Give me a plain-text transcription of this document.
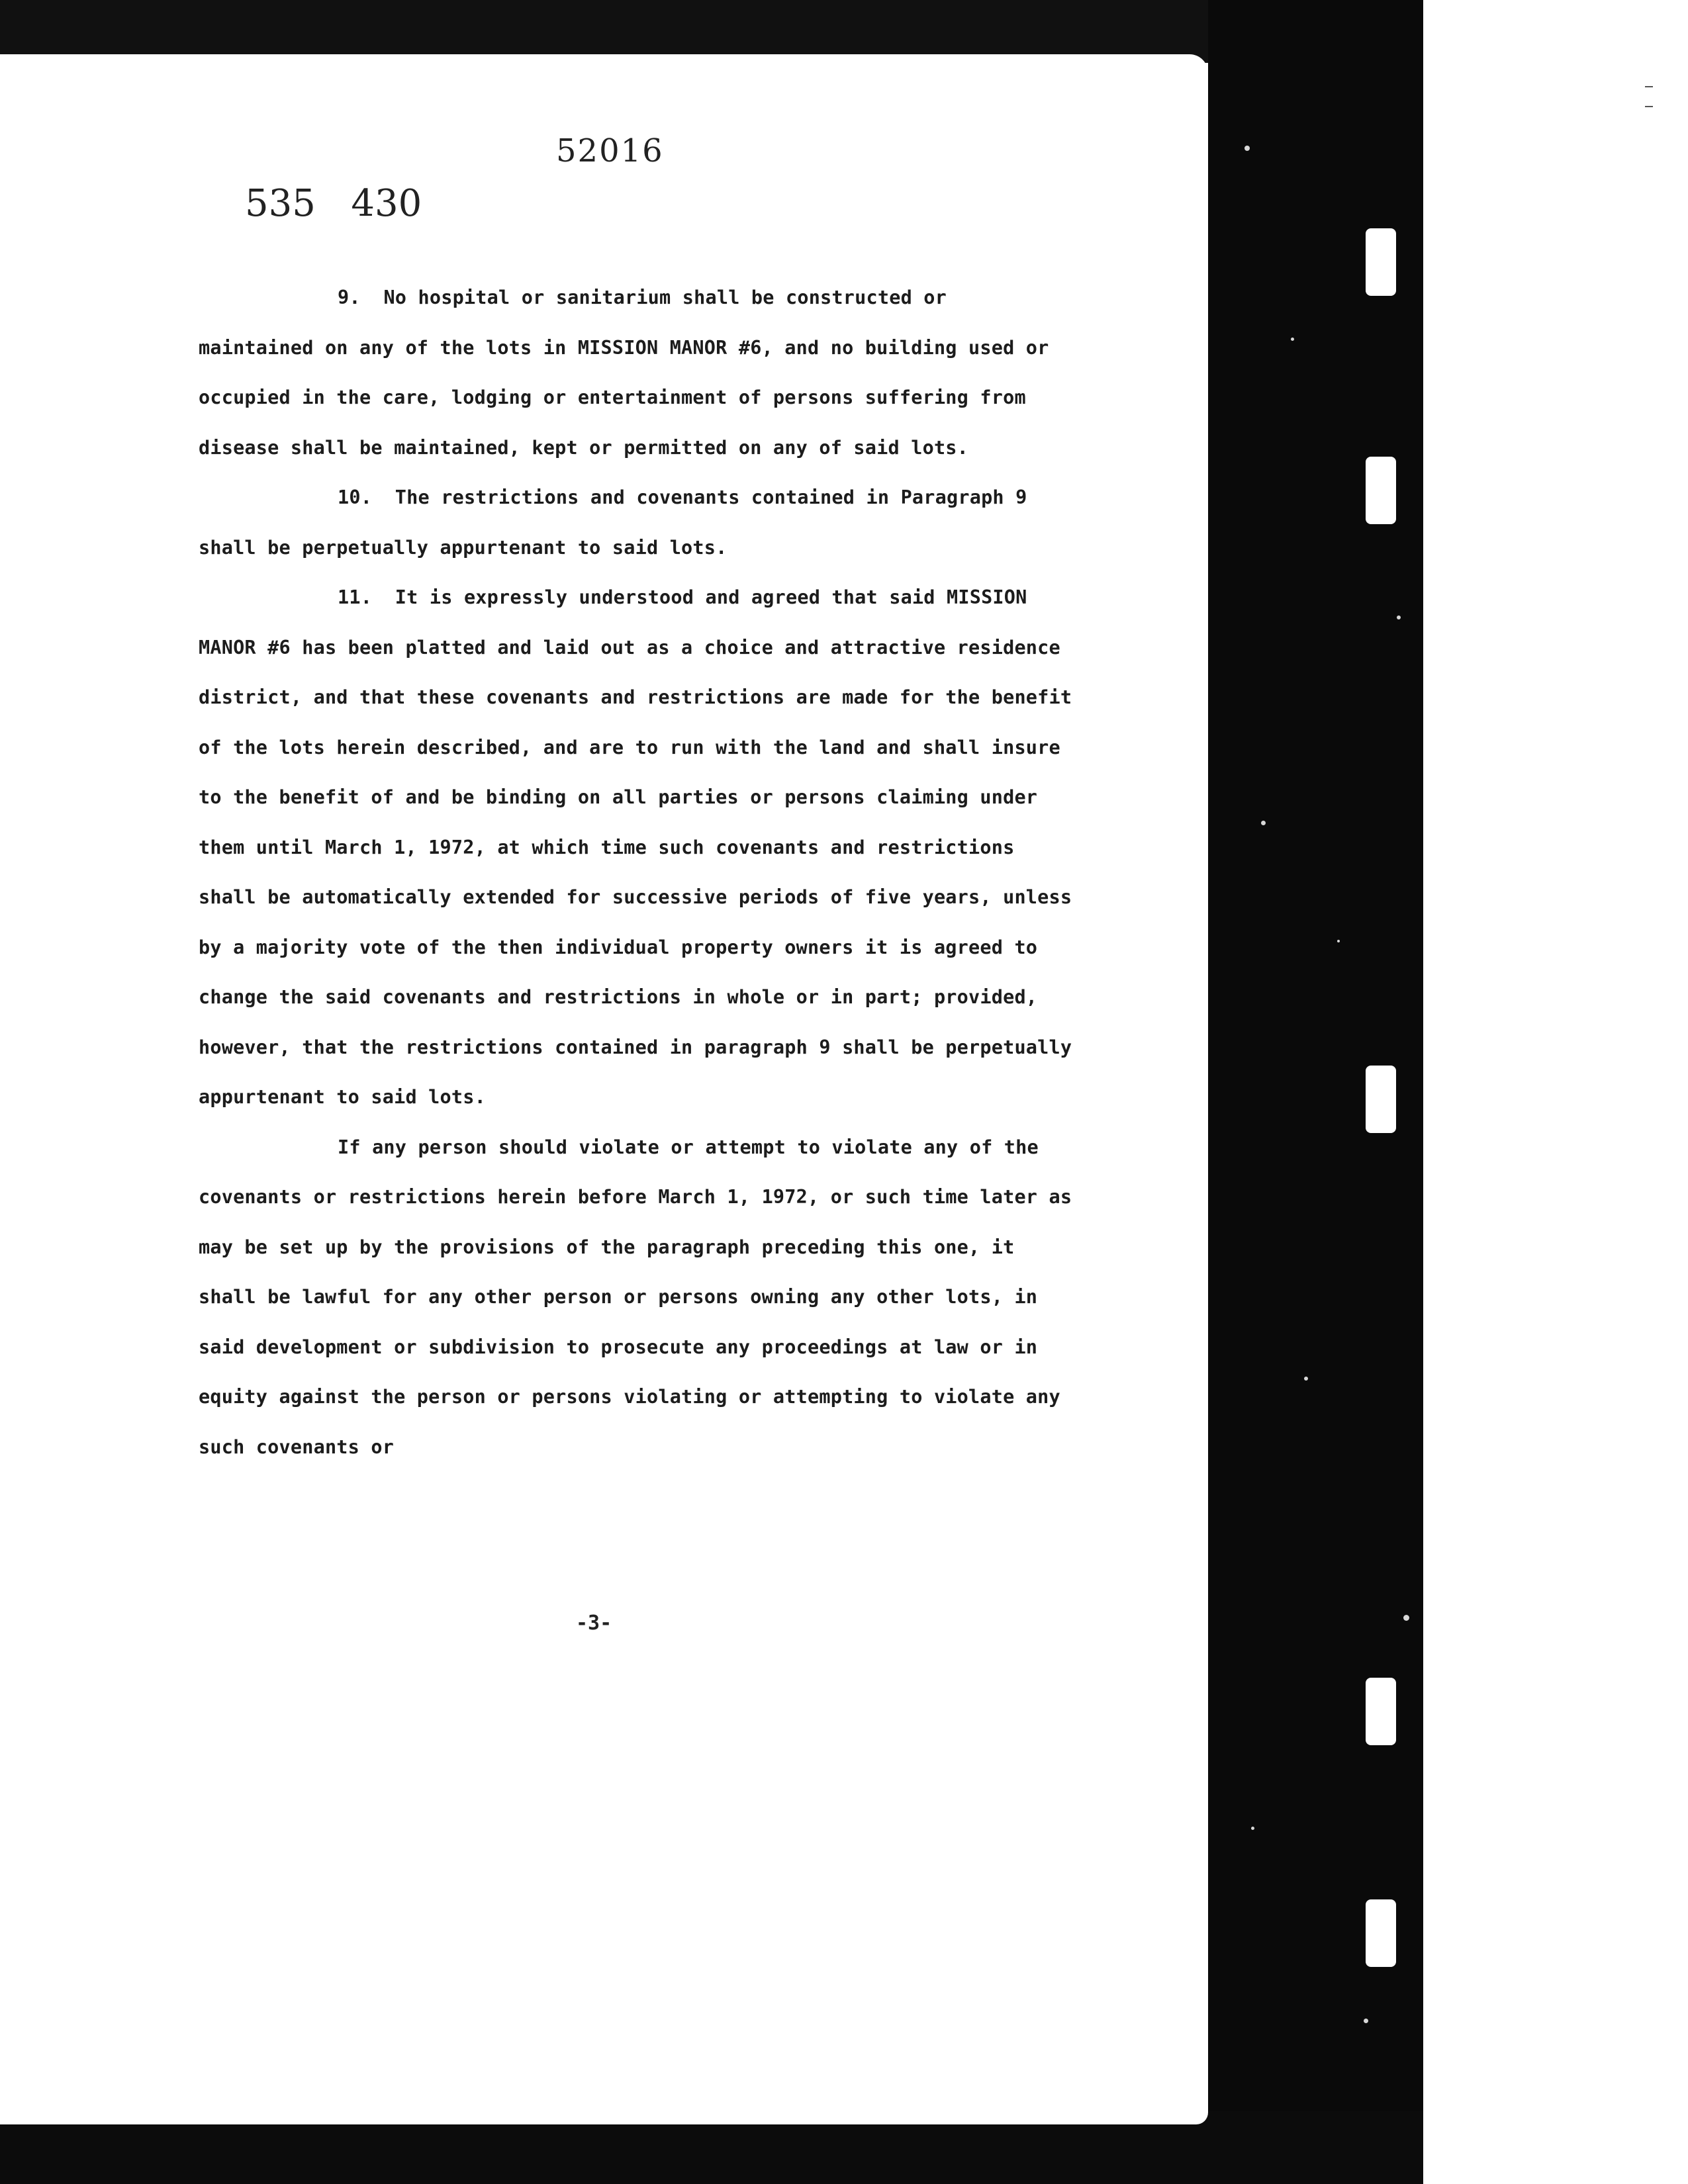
52016
535 430

9. No hospital or sanitarium shall be constructed or maintained on any of the lots in MISSION MANOR #6, and no building used or occupied in the care, lodging or entertainment of persons suffering from disease shall be maintained, kept or permitted on any of said lots.

10. The restrictions and covenants contained in Paragraph 9 shall be perpetually appurtenant to said lots.

11. It is expressly understood and agreed that said MISSION MANOR #6 has been platted and laid out as a choice and attractive residence district, and that these covenants and restrictions are made for the benefit of the lots herein described, and are to run with the land and shall insure to the benefit of and be binding on all parties or persons claiming under them until March 1, 1972, at which time such covenants and restrictions shall be automatically extended for successive periods of five years, unless by a majority vote of the then individual property owners it is agreed to change the said covenants and restrictions in whole or in part; provided, however, that the restrictions contained in paragraph 9 shall be perpetually appurtenant to said lots.

If any person should violate or attempt to violate any of the covenants or restrictions herein before March 1, 1972, or such time later as may be set up by the provisions of the paragraph preceding this one, it shall be lawful for any other person or persons owning any other lots, in said development or subdivision to prosecute any proceedings at law or in equity against the person or persons violating or attempting to violate any such covenants or

-3-
